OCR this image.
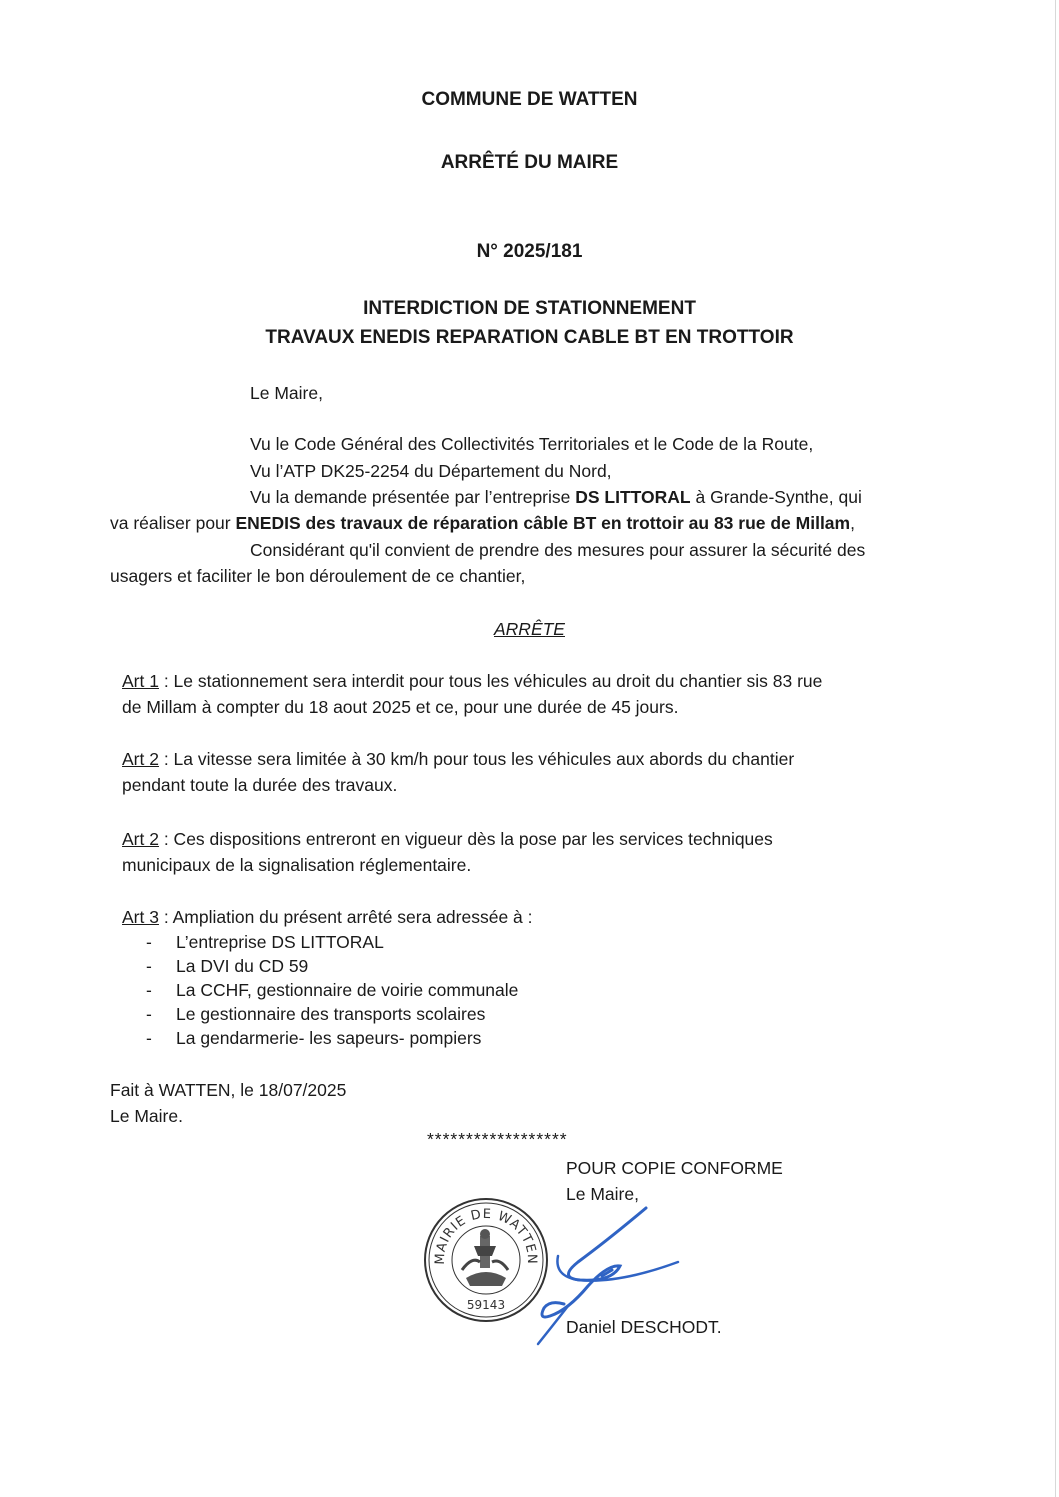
COMMUNE DE WATTEN
ARRÊTÉ DU MAIRE
N° 2025/181
INTERDICTION DE STATIONNEMENT
TRAVAUX ENEDIS REPARATION CABLE BT EN TROTTOIR
Le Maire,
Vu le Code Général des Collectivités Territoriales et le Code de la Route,
Vu l’ATP DK25-2254 du Département du Nord,
Vu la demande présentée par l’entreprise DS LITTORAL à Grande-Synthe, qui
va réaliser pour ENEDIS des travaux de réparation câble BT en trottoir au 83 rue de Millam,
Considérant qu'il convient de prendre des mesures pour assurer la sécurité des
usagers et faciliter le bon déroulement de ce chantier,
ARRÊTE
Art 1 : Le stationnement sera interdit pour tous les véhicules au droit du chantier sis 83 rue
de Millam à compter du 18 aout 2025 et ce, pour une durée de 45 jours.
Art 2 : La vitesse sera limitée à 30 km/h pour tous les véhicules aux abords du chantier
pendant toute la durée des travaux.
Art 2 : Ces dispositions entreront en vigueur dès la pose par les services techniques
municipaux de la signalisation réglementaire.
Art 3 : Ampliation du présent arrêté sera adressée à :
- L’entreprise DS LITTORAL
- La DVI du CD 59
- La CCHF, gestionnaire de voirie communale
- Le gestionnaire des transports scolaires
- La gendarmerie- les sapeurs- pompiers
Fait à WATTEN, le 18/07/2025
Le Maire.
******************
POUR COPIE CONFORME
Le Maire,
Daniel DESCHODT.
MAIRIE DE WATTEN
59143
